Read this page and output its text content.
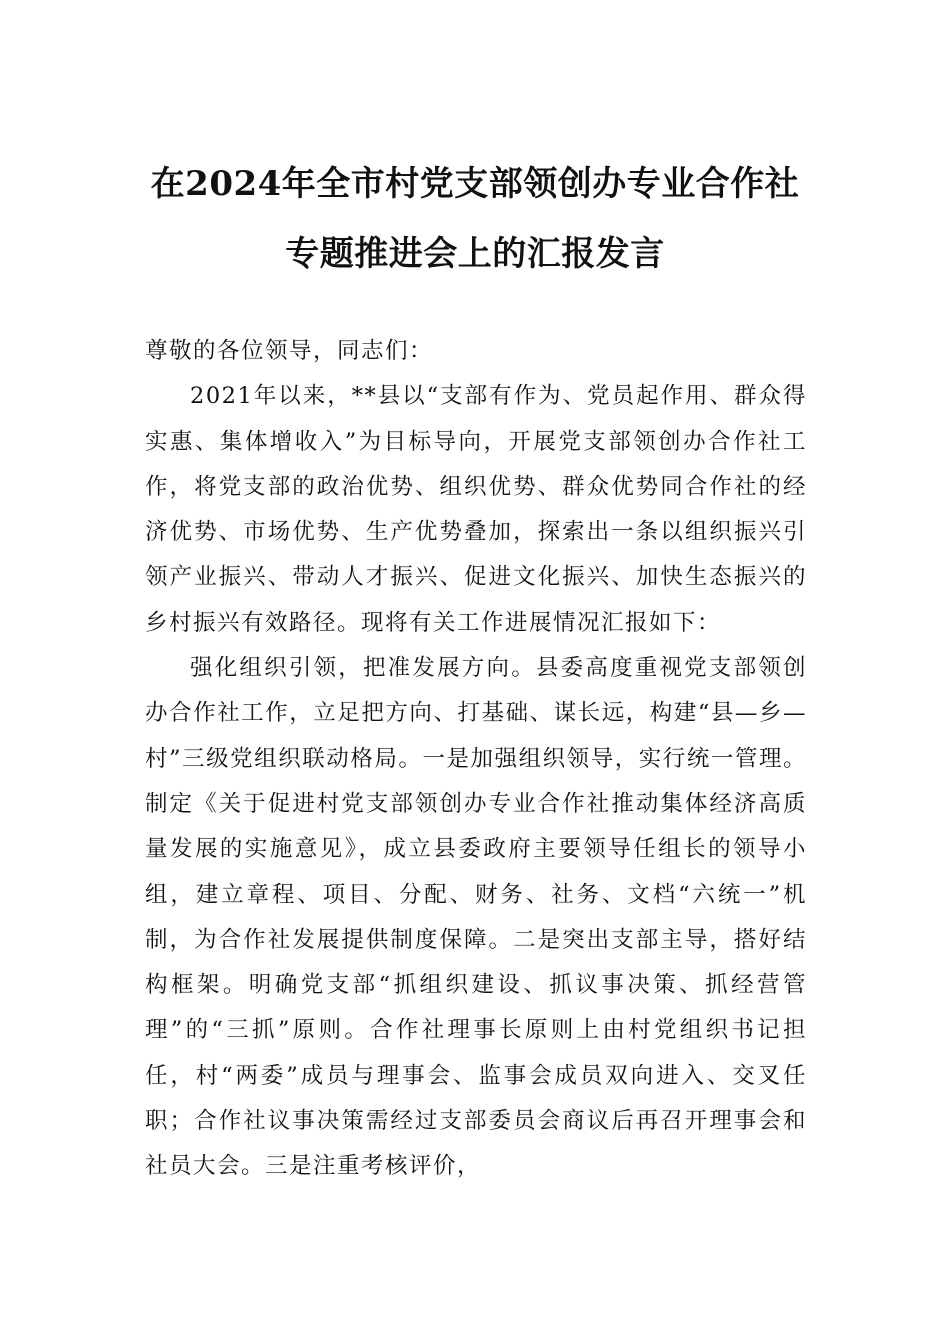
在2024年全市村党支部领创办专业合作社
专题推进会上的汇报发言

尊敬的各位领导，同志们：

2021年以来，**县以“支部有作为、党员起作用、群众得实惠、集体增收入”为目标导向，开展党支部领创办合作社工作，将党支部的政治优势、组织优势、群众优势同合作社的经济优势、市场优势、生产优势叠加，探索出一条以组织振兴引领产业振兴、带动人才振兴、促进文化振兴、加快生态振兴的乡村振兴有效路径。现将有关工作进展情况汇报如下：

强化组织引领，把准发展方向。县委高度重视党支部领创办合作社工作，立足把方向、打基础、谋长远，构建“县—乡—村”三级党组织联动格局。一是加强组织领导，实行统一管理。制定《关于促进村党支部领创办专业合作社推动集体经济高质量发展的实施意见》，成立县委政府主要领导任组长的领导小组，建立章程、项目、分配、财务、社务、文档“六统一”机制，为合作社发展提供制度保障。二是突出支部主导，搭好结构框架。明确党支部“抓组织建设、抓议事决策、抓经营管理”的“三抓”原则。合作社理事长原则上由村党组织书记担任，村“两委”成员与理事会、监事会成员双向进入、交叉任职；合作社议事决策需经过支部委员会商议后再召开理事会和社员大会。三是注重考核评价，
